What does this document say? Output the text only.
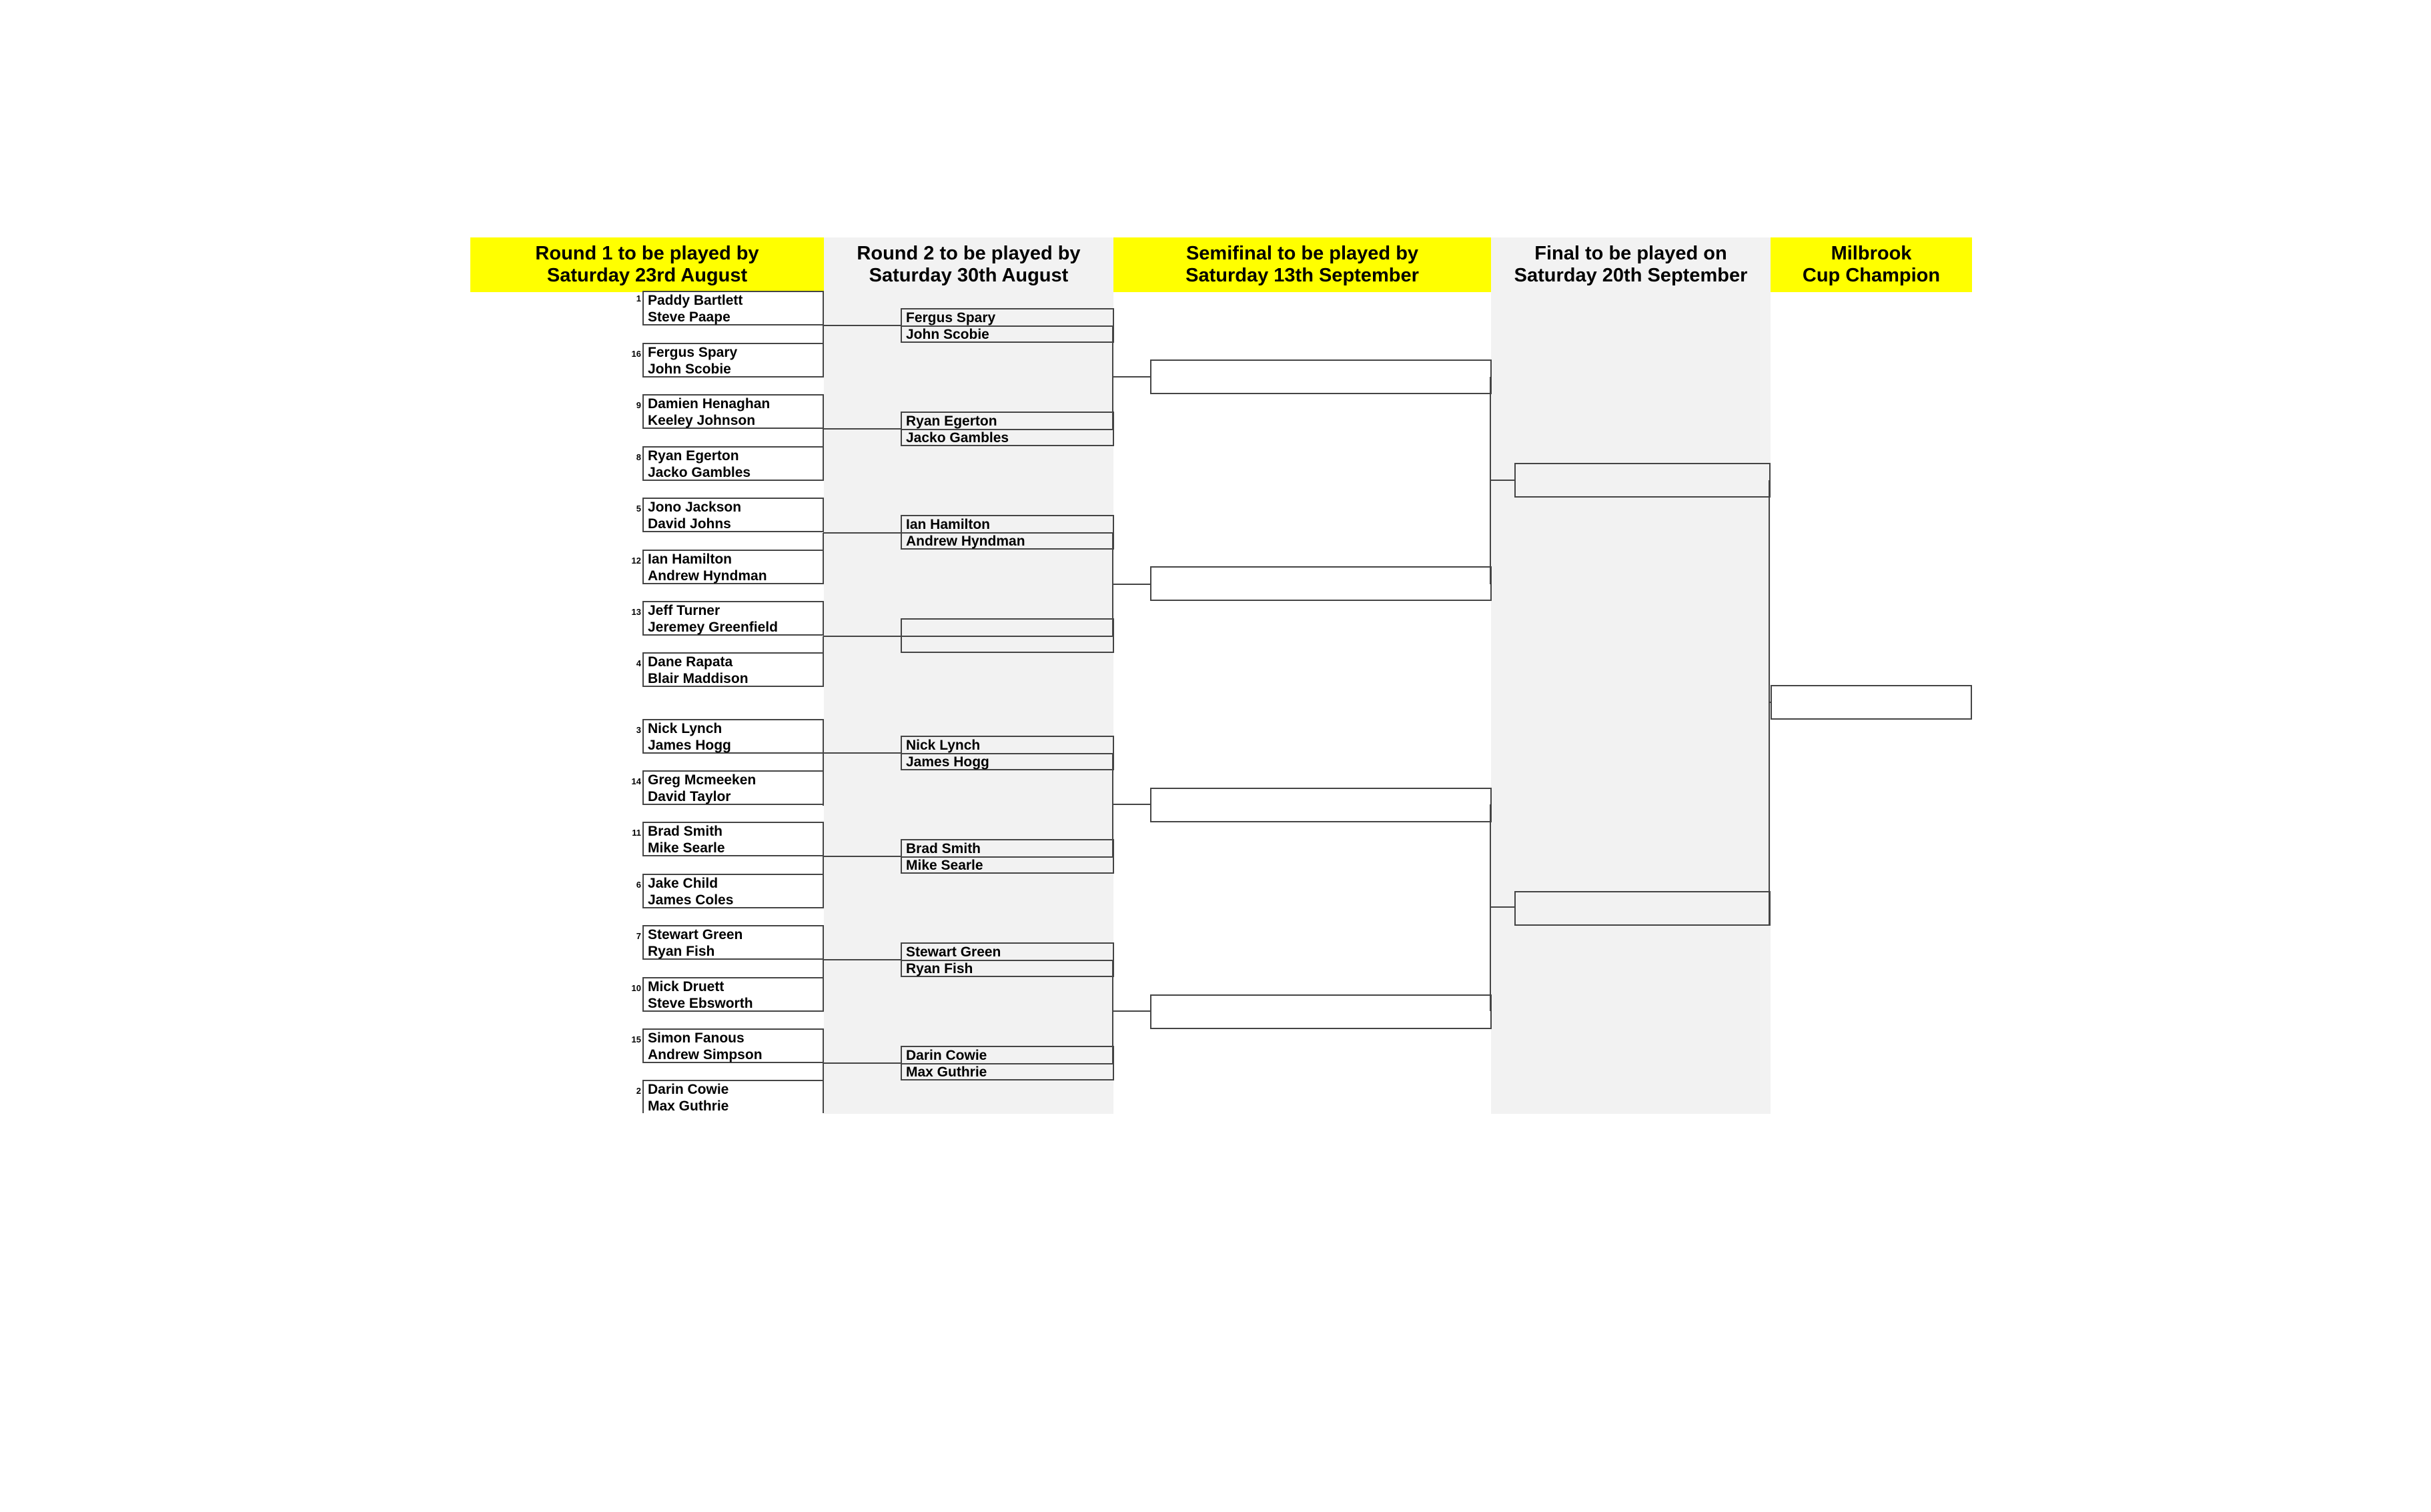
Round 1 to be played by
Saturday 23rd August
Round 2 to be played by
Saturday 30th August
Semifinal to be played by
Saturday 13th September
Final to be played on
Saturday 20th September
Milbrook
Cup Champion
1 Paddy Bartlett
Steve Paape
16 Fergus Spary
John Scobie
9 Damien Henaghan
Keeley Johnson
8 Ryan Egerton
Jacko Gambles
5 Jono Jackson
David Johns
12 Ian Hamilton
Andrew Hyndman
13 Jeff Turner
Jeremey Greenfield
4 Dane Rapata
Blair Maddison
3 Nick Lynch
James Hogg
14 Greg Mcmeeken
David Taylor
11 Brad Smith
Mike Searle
6 Jake Child
James Coles
7 Stewart Green
Ryan Fish
10 Mick Druett
Steve Ebsworth
15 Simon Fanous
Andrew Simpson
2 Darin Cowie
Max Guthrie
Fergus Spary
John Scobie
Ryan Egerton
Jacko Gambles
Ian Hamilton
Andrew Hyndman
Nick Lynch
James Hogg
Brad Smith
Mike Searle
Stewart Green
Ryan Fish
Darin Cowie
Max Guthrie
